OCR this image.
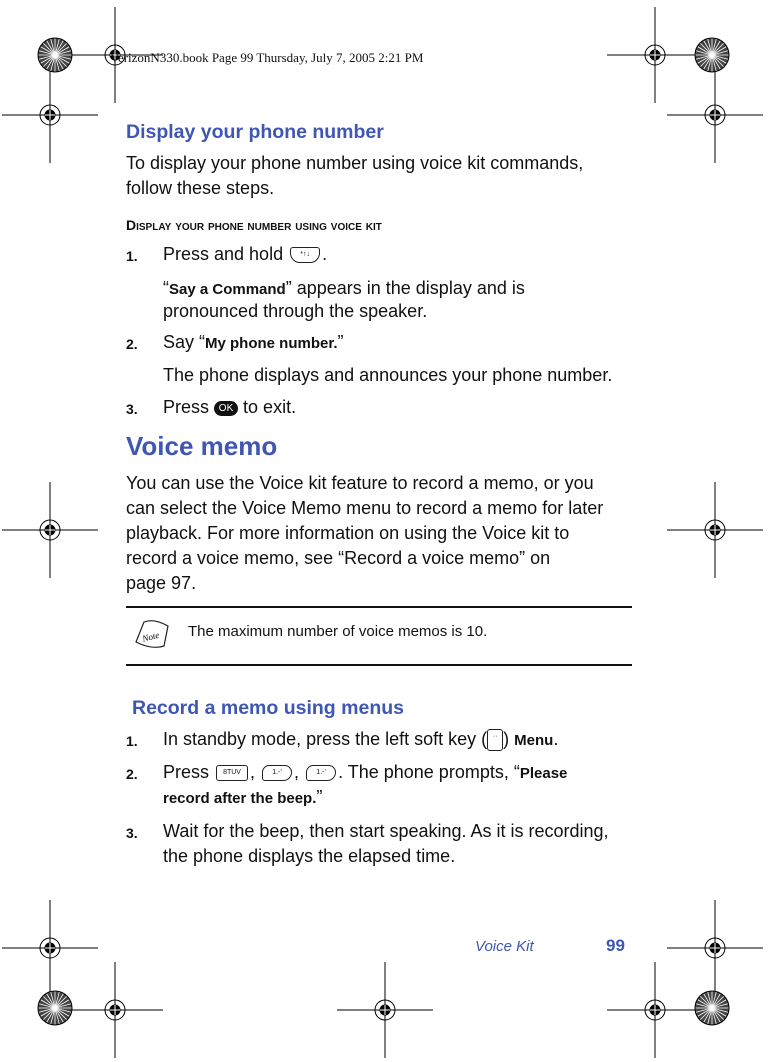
VerizonN330.book Page 99 Thursday, July 7, 2005 2:21 PM
Display your phone number
To display your phone number using voice kit commands,
follow these steps.
Display your phone number using voice kit
1. Press and hold *↑↓ .
“Say a Command” appears in the display and is
pronounced through the speaker.
2. Say “My phone number.”
The phone displays and announces your phone number.
3. Press OK to exit.
Voice memo
You can use the Voice kit feature to record a memo, or you
can select the Voice Memo menu to record a memo for later
playback. For more information on using the Voice kit to
record a voice memo, see “Record a voice memo” on
page 97.
Note The maximum number of voice memos is 10.
Record a memo using menus
1. In standby mode, press the left soft key ( ·· ) Menu.
2. Press 8TUV , 1.-' , 1.-' . The phone prompts, “Please
record after the beep.”
3. Wait for the beep, then start speaking. As it is recording,
the phone displays the elapsed time.
Voice Kit	99
